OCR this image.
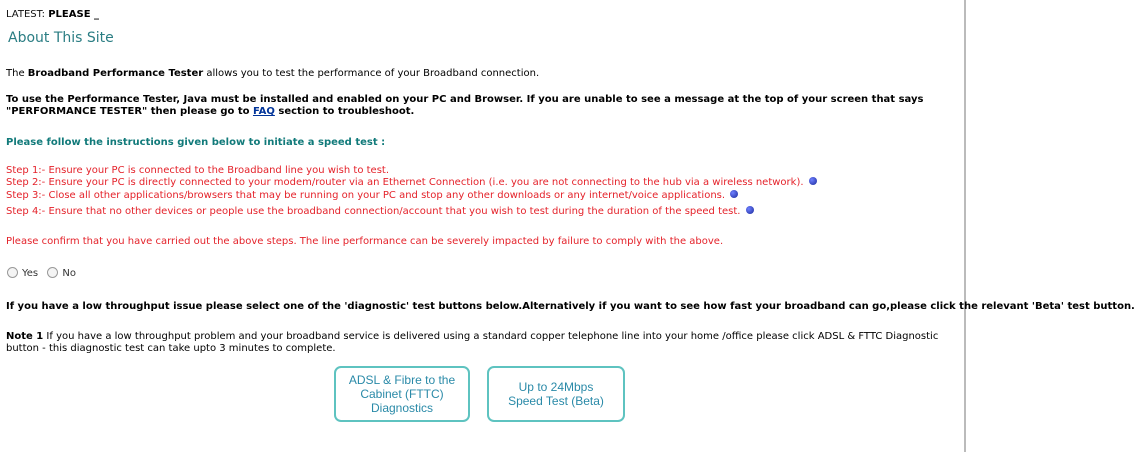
LATEST: PLEASE _
About This Site
The Broadband Performance Tester allows you to test the performance of your Broadband connection.
To use the Performance Tester, Java must be installed and enabled on your PC and Browser. If you are unable to see a message at the top of your screen that says "PERFORMANCE TESTER" then please go to FAQ section to troubleshoot.
Please follow the instructions given below to initiate a speed test :
Step 1:- Ensure your PC is connected to the Broadband line you wish to test.
Step 2:- Ensure your PC is directly connected to your modem/router via an Ethernet Connection (i.e. you are not connecting to the hub via a wireless network).
Step 3:- Close all other applications/browsers that may be running on your PC and stop any other downloads or any internet/voice applications.
Step 4:- Ensure that no other devices or people use the broadband connection/account that you wish to test during the duration of the speed test.
Please confirm that you have carried out the above steps. The line performance can be severely impacted by failure to comply with the above.
Yes No
If you have a low throughput issue please select one of the 'diagnostic' test buttons below.Alternatively if you want to see how fast your broadband can go,please click the relevant 'Beta' test button.
Note 1 If you have a low throughput problem and your broadband service is delivered using a standard copper telephone line into your home /office please click ADSL & FTTC Diagnostic button - this diagnostic test can take upto 3 minutes to complete.
ADSL & Fibre to the Cabinet (FTTC) Diagnostics
Up to 24Mbps Speed Test (Beta)
